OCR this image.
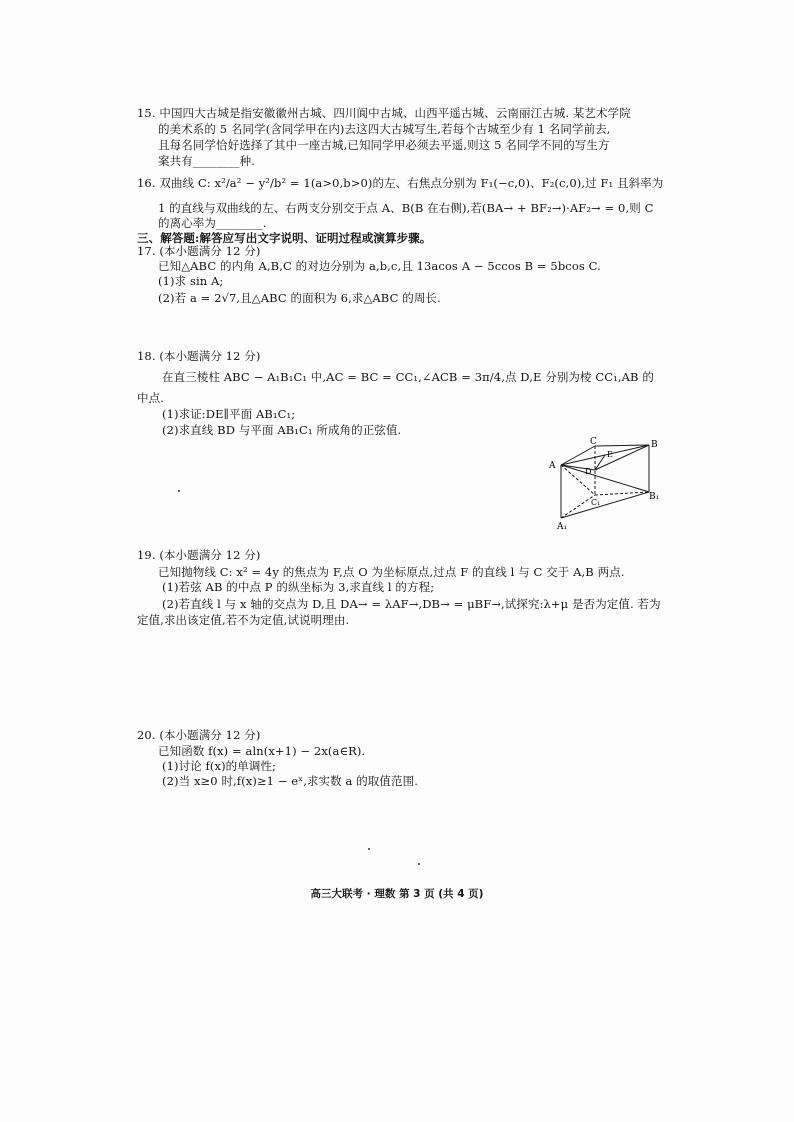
15. 中国四大古城是指安徽徽州古城、四川阆中古城、山西平遥古城、云南丽江古城. 某艺术学院
的美术系的 5 名同学(含同学甲在内)去这四大古城写生,若每个古城至少有 1 名同学前去,
且每名同学恰好选择了其中一座古城,已知同学甲必须去平遥,则这 5 名同学不同的写生方
案共有________种.
16. 双曲线 C: x²/a² − y²/b² = 1(a>0,b>0)的左、右焦点分别为 F₁(−c,0)、F₂(c,0),过 F₁ 且斜率为
1 的直线与双曲线的左、右两支分别交于点 A、B(B 在右侧),若(BA→ + BF₂→)·AF₂→ = 0,则 C
的离心率为________.
三、解答题:解答应写出文字说明、证明过程或演算步骤。
17. (本小题满分 12 分)
已知△ABC 的内角 A,B,C 的对边分别为 a,b,c,且 13acos A − 5ccos B = 5bcos C.
(1)求 sin A;
(2)若 a = 2√7,且△ABC 的面积为 6,求△ABC 的周长.
18. (本小题满分 12 分)
在直三棱柱 ABC − A₁B₁C₁ 中,AC = BC = CC₁,∠ACB = 3π/4,点 D,E 分别为棱 CC₁,AB 的
中点.
(1)求证:DE∥平面 AB₁C₁;
(2)求直线 BD 与平面 AB₁C₁ 所成角的正弦值.
C	B
A
E
D
B₁
C₁
A₁
19. (本小题满分 12 分)
已知抛物线 C: x² = 4y 的焦点为 F,点 O 为坐标原点,过点 F 的直线 l 与 C 交于 A,B 两点.
(1)若弦 AB 的中点 P 的纵坐标为 3,求直线 l 的方程;
(2)若直线 l 与 x 轴的交点为 D,且 DA→ = λAF→,DB→ = μBF→,试探究:λ+μ 是否为定值. 若为
定值,求出该定值,若不为定值,试说明理由.
20. (本小题满分 12 分)
已知函数 f(x) = aln(x+1) − 2x(a∈R).
(1)讨论 f(x)的单调性;
(2)当 x≥0 时,f(x)≥1 − eˣ,求实数 a 的取值范围.
高三大联考 · 理数 第 3 页 (共 4 页)
